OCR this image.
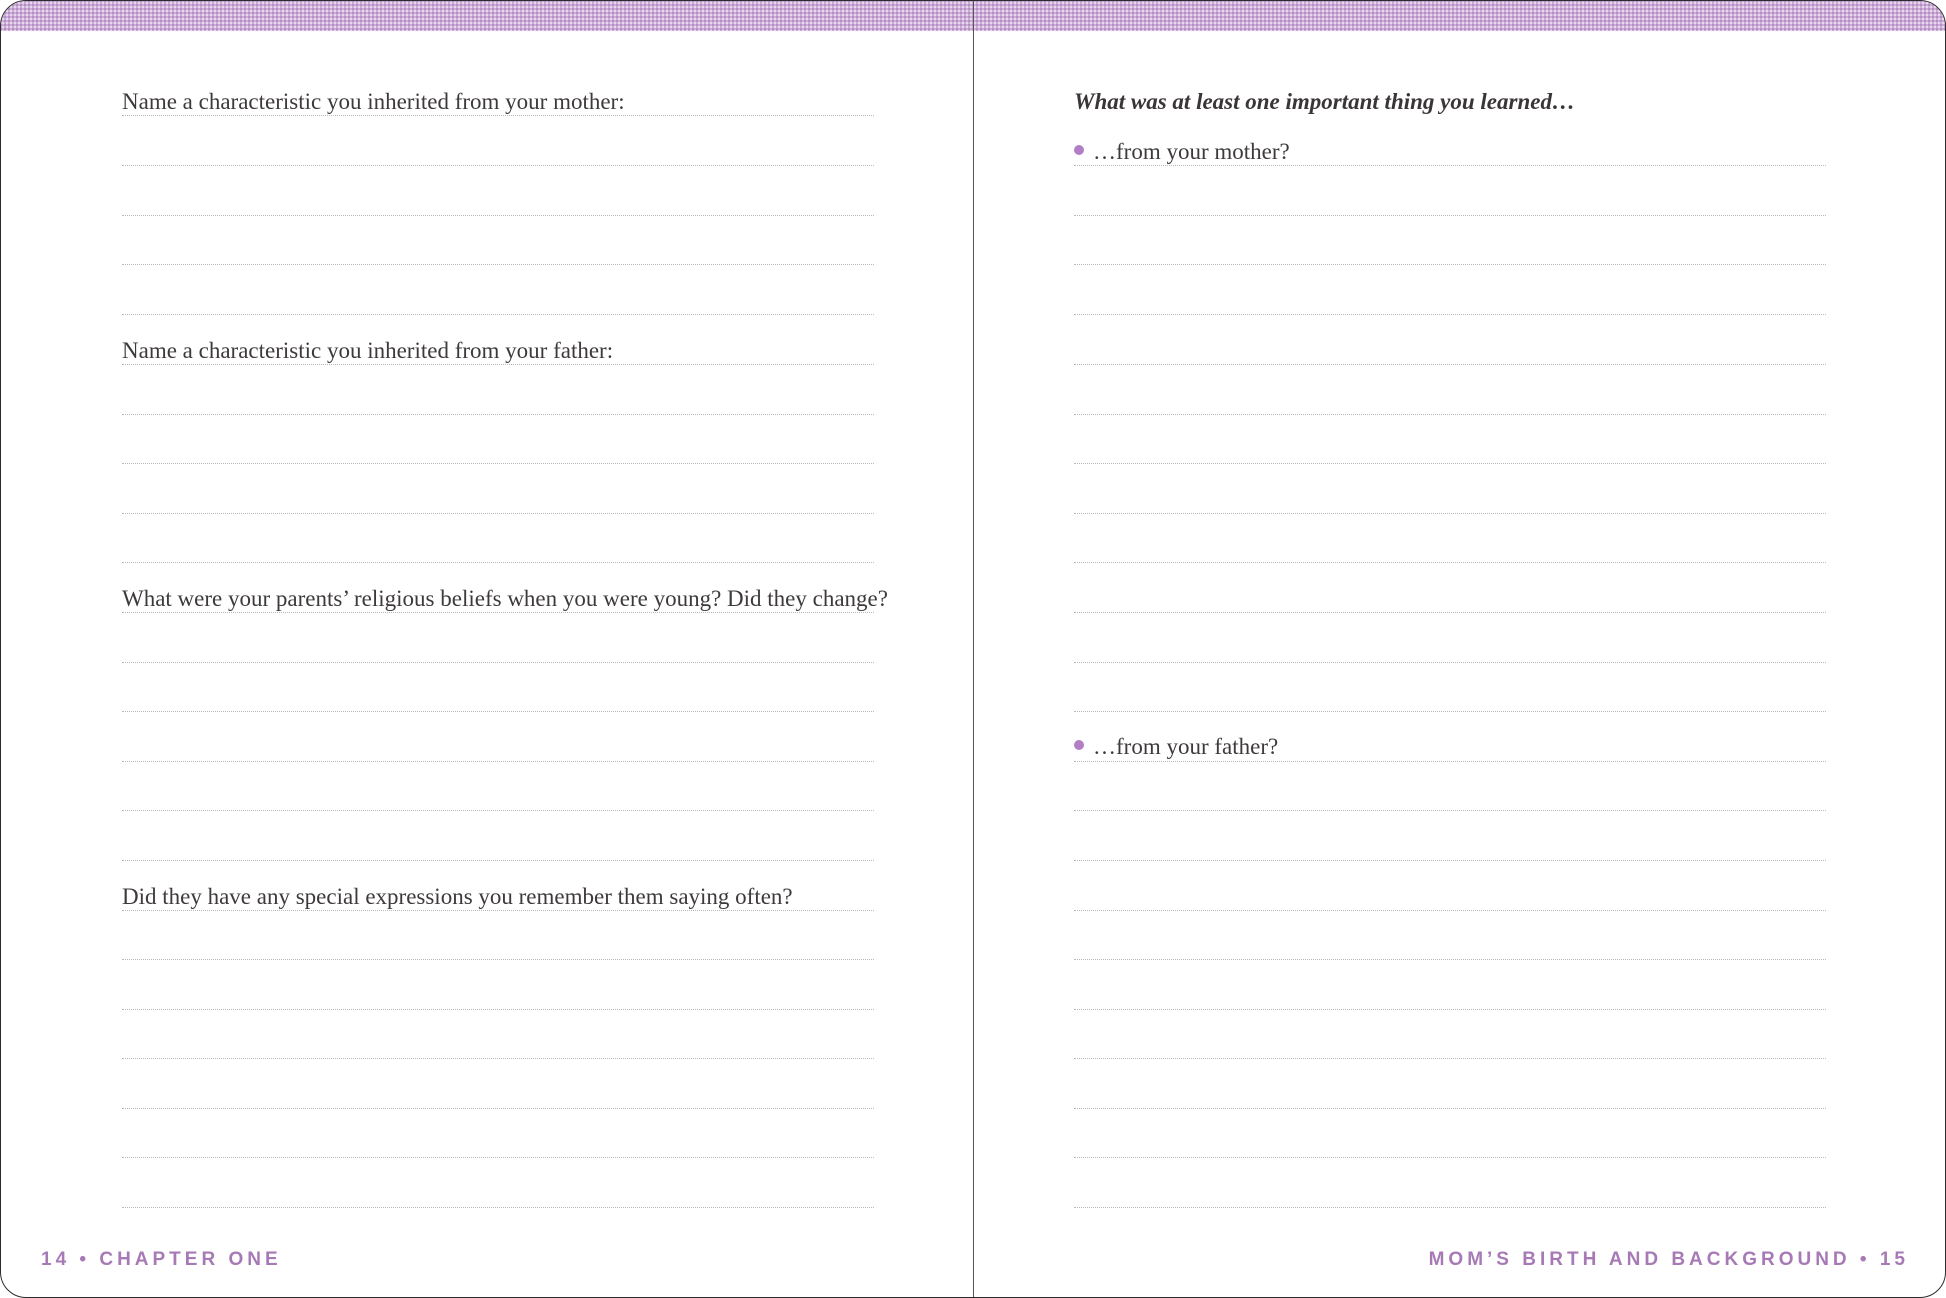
Name a characteristic you inherited from your mother:
Name a characteristic you inherited from your father:
What were your parents’ religious beliefs when you were young? Did they change?
Did they have any special expressions you remember them saying often?
14 • CHAPTER ONE
What was at least one important thing you learned…
…from your mother?
…from your father?
MOM’S BIRTH AND BACKGROUND • 15
